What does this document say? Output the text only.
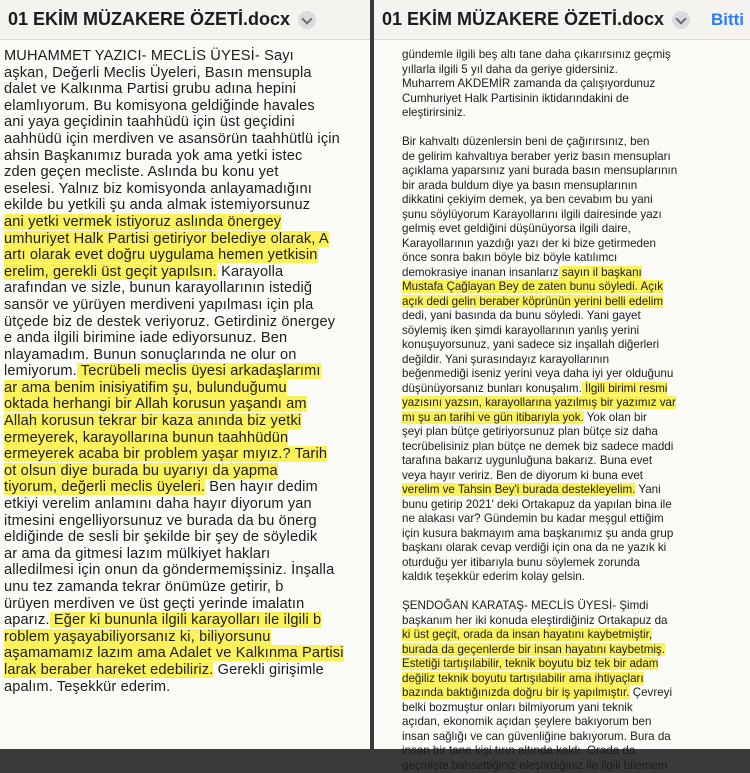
01 EKİM MÜZAKERE ÖZETİ.docx
MUHAMMET YAZICI- MECLİS ÜYESİ- Sayı
aşkan, Değerli Meclis Üyeleri, Basın mensupla
dalet ve Kalkınma Partisi grubu adına hepini
elamlıyorum. Bu komisyona geldiğinde havales
ani yaya geçidinin taahhüdü için üst geçidini
aahhüdü için merdiven ve asansörün taahhütlü için
ahsin Başkanımız burada yok ama yetki istec
zden geçen mecliste. Aslında bu konu yet
eselesi. Yalnız biz komisyonda anlayamadığını
ekilde bu yetkili şu anda almak istemiyorsunuz
ani yetki vermek istiyoruz aslında önergey
umhuriyet Halk Partisi getiriyor belediye olarak, A
artı olarak evet doğru uygulama hemen yetkisin
erelim, gerekli üst geçit yapılsın. Karayolla
arafından ve sizle, bunun karayollarının istediğ
sansör ve yürüyen merdiveni yapılması için pla
ütçede biz de destek veriyoruz. Getirdiniz önergey
e anda ilgili birimine iade ediyorsunuz. Ben
nlayamadım. Bunun sonuçlarında ne olur on
lemiyorum. Tecrübeli meclis üyesi arkadaşlarımı
ar ama benim inisiyatifim şu, bulunduğumu
oktada herhangi bir Allah korusun yaşandı am
Allah korusun tekrar bir kaza anında biz yetki
ermeyerek, karayollarına bunun taahhüdün
ermeyerek acaba bir problem yaşar mıyız.? Tarih
ot olsun diye burada bu uyarıyı da yapma
tiyorum, değerli meclis üyeleri. Ben hayır dedim
etkiyi verelim anlamını daha hayır diyorum yan
itmesini engelliyorsunuz ve burada da bu önerg
eldiğinde de sesli bir şekilde bir şey de söyledik
ar ama da gitmesi lazım mülkiyet hakları
alledilmesi için onun da göndermemişsiniz. İnşalla
unu tez zamanda tekrar önümüze getirir, b
ürüyen merdiven ve üst geçti yerinde imalatın
aparız. Eğer ki bununla ilgili karayolları ile ilgili b
roblem yaşayabiliyorsanız ki, biliyorsunu
aşamamamız lazım ama Adalet ve Kalkınma Partisi
larak beraber hareket edebiliriz. Gerekli girişimle
apalım. Teşekkür ederim.
01 EKİM MÜZAKERE ÖZETİ.docx	Bitti
gündemle ilgili beş altı tane daha çıkarırsınız geçmiş
yıllarla ilgili 5 yıl daha da geriye gidersiniz.
Muharrem AKDEMİR zamanda da çalışıyordunuz
Cumhuriyet Halk Partisinin iktidarındakini de
eleştirirsiniz.
Bir kahvaltı düzenlersin beni de çağırırsınız, ben
de gelirim kahvaltıya beraber yeriz basın mensupları
açıklama yaparsınız yani burada basın mensuplarının
bir arada buldum diye ya basın mensuplarının
dikkatini çekiyim demek, ya ben cevabım bu yani
şunu söylüyorum Karayollarını ilgili dairesinde yazı
gelmiş evet geldiğini düşünüyorsa ilgili daire,
Karayollarının yazdığı yazı der ki bize getirmeden
önce sonra bakın böyle biz böyle katılımcı
demokrasiye inanan insanlarız sayın il başkanı
Mustafa Çağlayan Bey de zaten bunu söyledi. Açık
açık dedi gelin beraber köprünün yerini belli edelim
dedi, yani basında da bunu söyledi. Yani gayet
söylemiş iken şimdi karayollarının yanlış yerini
konuşuyorsunuz, yani sadece siz inşallah diğerleri
değildir. Yani şurasındayız karayollarının
beğenmediği iseniz yerini veya daha iyi yer olduğunu
düşünüyorsanız bunları konuşalım. İlgili birimi resmi
yazısını yazsın, karayollarına yazılmış bir yazımız var
mı şu an tarihi ve gün itibarıyla yok. Yok olan bir
şeyi plan bütçe getiriyorsunuz plan bütçe siz daha
tecrübelisiniz plan bütçe ne demek biz sadece maddi
tarafına bakarız uygunluğuna bakarız. Buna evet
veya hayır veririz. Ben de diyorum ki buna evet
verelim ve Tahsin Bey'i burada destekleyelim. Yani
bunu getirip 2021' deki Ortakapuz da yapılan bina ile
ne alakası var? Gündemin bu kadar meşgul ettiğim
için kusura bakmayım ama başkanımız şu anda grup
başkanı olarak cevap verdiği için ona da ne yazık ki
oturduğu yer itibarıyla bunu söylemek zorunda
kaldık teşekkür ederim kolay gelsin.
ŞENDOĞAN KARATAŞ- MECLİS ÜYESİ- Şimdi
başkanım her iki konuda eleştirdiğiniz Ortakapuz da
ki üst geçit, orada da insan hayatını kaybetmiştir,
burada da geçenlerde bir insan hayatını kaybetmiş.
Estetiği tartışılabilir, teknik boyutu biz tek bir adam
değiliz teknik boyutu tartışılabilir ama ihtiyaçları
bazında baktığınızda doğru bir iş yapılmıştır. Çevreyi
belki bozmuştur onları bilmiyorum yani teknik
açıdan, ekonomik açıdan şeylere bakıyorum ben
insan sağlığı ve can güvenliğine bakıyorum. Bura da
insan bir tane kişi tırın altında kaldı. Orada da
geçmişte bahsettiğiniz eleştirdiğiniz ile ilgili bilemem
